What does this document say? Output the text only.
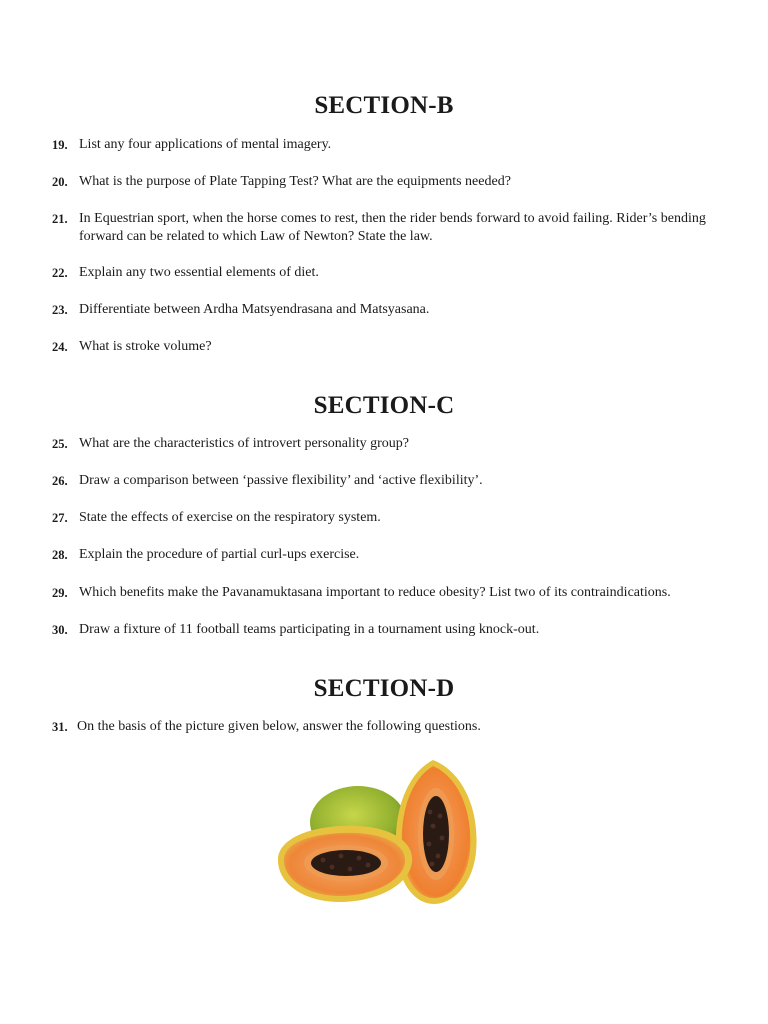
SECTION-B
19. List any four applications of mental imagery.
20. What is the purpose of Plate Tapping Test? What are the equipments needed?
21. In Equestrian sport, when the horse comes to rest, then the rider bends forward to avoid failing. Rider’s bending forward can be related to which Law of Newton? State the law.
22. Explain any two essential elements of diet.
23. Differentiate between Ardha Matsyendrasana and Matsyasana.
24. What is stroke volume?
SECTION-C
25. What are the characteristics of introvert personality group?
26. Draw a comparison between ‘passive flexibility’ and ‘active flexibility’.
27. State the effects of exercise on the respiratory system.
28. Explain the procedure of partial curl-ups exercise.
29. Which benefits make the Pavanamuktasana important to reduce obesity? List two of its contraindications.
30. Draw a fixture of 11 football teams participating in a tournament using knock-out.
SECTION-D
31. On the basis of the picture given below, answer the following questions.
